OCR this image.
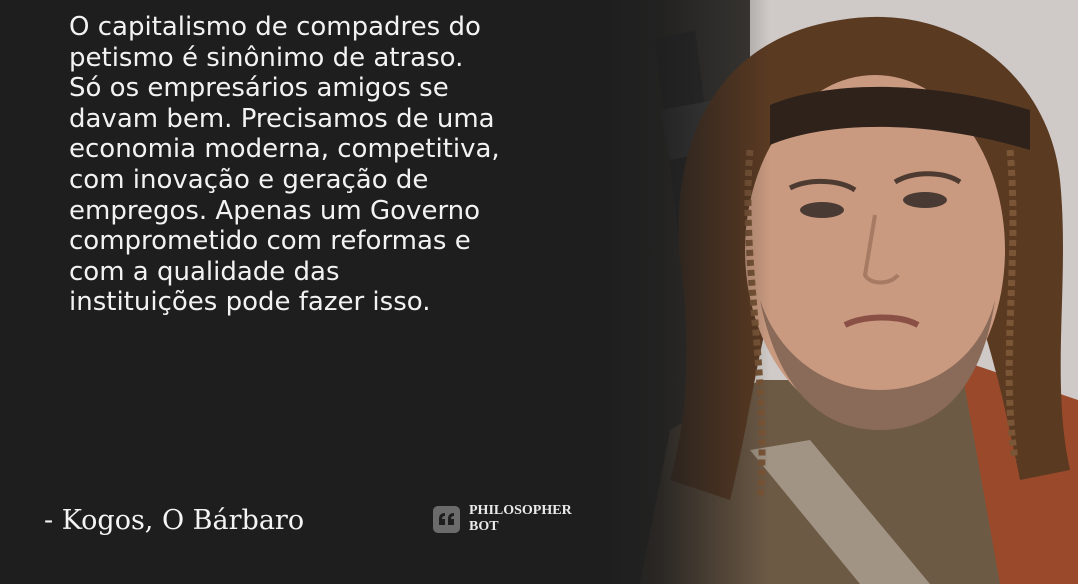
O capitalismo de compadres do
petismo é sinônimo de atraso.
Só os empresários amigos se
davam bem. Precisamos de uma
economia moderna, competitiva,
com inovação e geração de
empregos. Apenas um Governo
comprometido com reformas e
com a qualidade das
instituições pode fazer isso.

- Kogos, O Bárbaro	PHILOSOPHER
BOT
